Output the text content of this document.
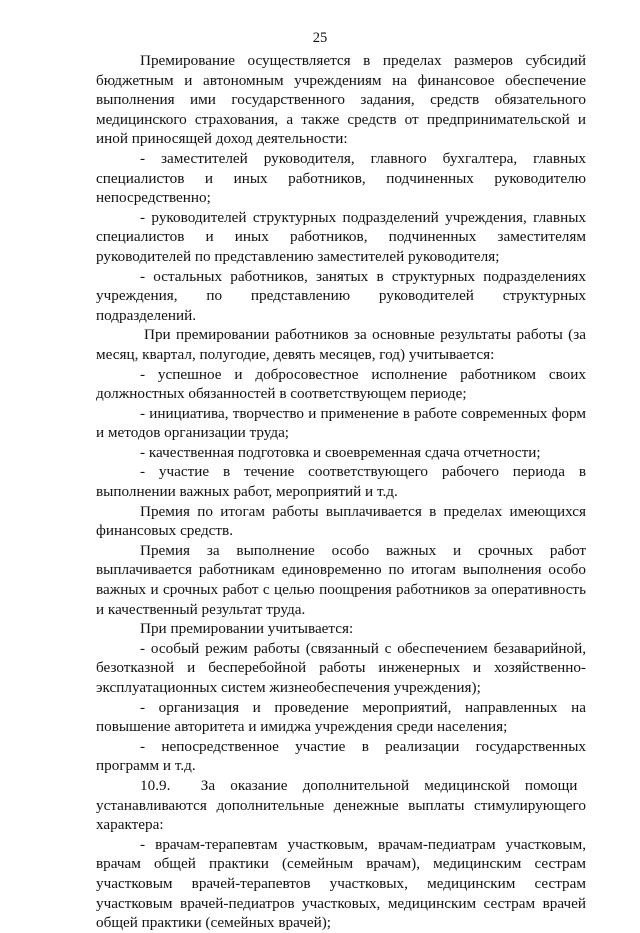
25

Премирование осуществляется в пределах размеров субсидий бюджетным и автономным учреждениям на финансовое обеспечение выполнения ими государственного задания, средств обязательного медицинского страхования, а также средств от предпринимательской и иной приносящей доход деятельности:

- заместителей руководителя, главного бухгалтера, главных специалистов и иных работников, подчиненных руководителю непосредственно;

- руководителей структурных подразделений учреждения, главных специалистов и иных работников, подчиненных заместителям руководителей по представлению заместителей руководителя;

- остальных работников, занятых в структурных подразделениях учреждения, по представлению руководителей структурных подразделений.

При премировании работников за основные результаты работы (за месяц, квартал, полугодие, девять месяцев, год) учитывается:

- успешное и добросовестное исполнение работником своих должностных обязанностей в соответствующем периоде;

- инициатива, творчество и применение в работе современных форм и методов организации труда;

- качественная подготовка и своевременная сдача отчетности;

- участие в течение соответствующего рабочего периода в выполнении важных работ, мероприятий и т.д.

Премия по итогам работы выплачивается в пределах имеющихся финансовых средств.

Премия за выполнение особо важных и срочных работ выплачивается работникам единовременно по итогам выполнения особо важных и срочных работ с целью поощрения работников за оперативность и качественный результат труда.

При премировании учитывается:

- особый режим работы (связанный с обеспечением безаварийной, безотказной и бесперебойной работы инженерных и хозяйственно-эксплуатационных систем жизнеобеспечения учреждения);

- организация и проведение мероприятий, направленных на повышение авторитета и имиджа учреждения среди населения;

- непосредственное участие в реализации государственных программ и т.д.

10.9.  За оказание дополнительной медицинской помощи устанавливаются дополнительные денежные выплаты стимулирующего характера:

- врачам-терапевтам участковым, врачам-педиатрам участковым, врачам общей практики (семейным врачам), медицинским сестрам участковым врачей-терапевтов участковых, медицинским сестрам участковым врачей-педиатров участковых, медицинским сестрам врачей общей практики (семейных врачей);
